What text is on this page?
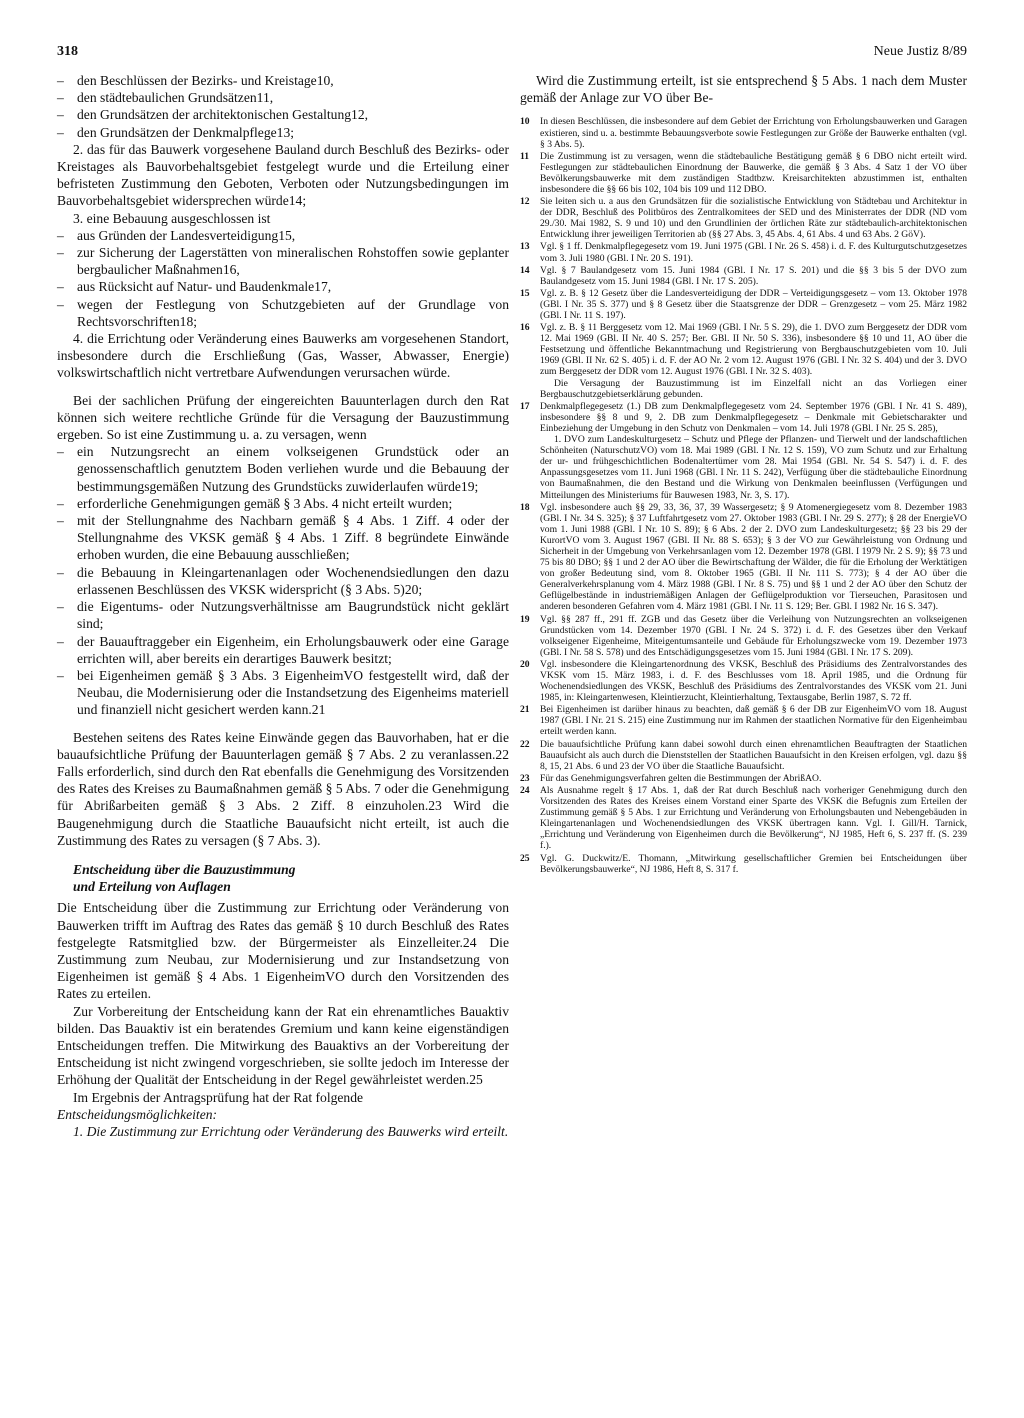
318	Neue Justiz 8/89

– den Beschlüssen der Bezirks- und Kreistage10,

– den städtebaulichen Grundsätzen11,

– den Grundsätzen der architektonischen Gestaltung12,

– den Grundsätzen der Denkmalpflege13;

2. das für das Bauwerk vorgesehene Bauland durch Beschluß des Bezirks- oder Kreistages als Bauvorbehaltsgebiet festgelegt wurde und die Erteilung einer befristeten Zustimmung den Geboten, Verboten oder Nutzungsbedingungen im Bauvorbehaltsgebiet widersprechen würde14;

3. eine Bebauung ausgeschlossen ist

– aus Gründen der Landesverteidigung15,

– zur Sicherung der Lagerstätten von mineralischen Rohstoffen sowie geplanter bergbaulicher Maßnahmen16,

– aus Rücksicht auf Natur- und Baudenkmale17,

– wegen der Festlegung von Schutzgebieten auf der Grundlage von Rechtsvorschriften18;

4. die Errichtung oder Veränderung eines Bauwerks am vorgesehenen Standort, insbesondere durch die Erschließung (Gas, Wasser, Abwasser, Energie) volkswirtschaftlich nicht vertretbare Aufwendungen verursachen würde.

Bei der sachlichen Prüfung der eingereichten Bauunterlagen durch den Rat können sich weitere rechtliche Gründe für die Versagung der Bauzustimmung ergeben. So ist eine Zustimmung u. a. zu versagen, wenn

– ein Nutzungsrecht an einem volkseigenen Grundstück oder an genossenschaftlich genutztem Boden verliehen wurde und die Bebauung der bestimmungsgemäßen Nutzung des Grundstücks zuwiderlaufen würde19;

– erforderliche Genehmigungen gemäß § 3 Abs. 4 nicht erteilt wurden;

– mit der Stellungnahme des Nachbarn gemäß § 4 Abs. 1 Ziff. 4 oder der Stellungnahme des VKSK gemäß § 4 Abs. 1 Ziff. 8 begründete Einwände erhoben wurden, die eine Bebauung ausschließen;

– die Bebauung in Kleingartenanlagen oder Wochenendsiedlungen den dazu erlassenen Beschlüssen des VKSK widerspricht (§ 3 Abs. 5)20;

– die Eigentums- oder Nutzungsverhältnisse am Baugrundstück nicht geklärt sind;

– der Bauauftraggeber ein Eigenheim, ein Erholungsbauwerk oder eine Garage errichten will, aber bereits ein derartiges Bauwerk besitzt;

– bei Eigenheimen gemäß § 3 Abs. 3 EigenheimVO festgestellt wird, daß der Neubau, die Modernisierung oder die Instandsetzung des Eigenheims materiell und finanziell nicht gesichert werden kann.21

Bestehen seitens des Rates keine Einwände gegen das Bauvorhaben, hat er die bauaufsichtliche Prüfung der Bauunterlagen gemäß § 7 Abs. 2 zu veranlassen.22 Falls erforderlich, sind durch den Rat ebenfalls die Genehmigung des Vorsitzenden des Rates des Kreises zu Baumaßnahmen gemäß § 5 Abs. 7 oder die Genehmigung für Abrißarbeiten gemäß § 3 Abs. 2 Ziff. 8 einzuholen.23 Wird die Baugenehmigung durch die Staatliche Bauaufsicht nicht erteilt, ist auch die Zustimmung des Rates zu versagen (§ 7 Abs. 3).

Entscheidung über die Bauzustimmung
und Erteilung von Auflagen

Die Entscheidung über die Zustimmung zur Errichtung oder Veränderung von Bauwerken trifft im Auftrag des Rates das gemäß § 10 durch Beschluß des Rates festgelegte Ratsmitglied bzw. der Bürgermeister als Einzelleiter.24 Die Zustimmung zum Neubau, zur Modernisierung und zur Instandsetzung von Eigenheimen ist gemäß § 4 Abs. 1 EigenheimVO durch den Vorsitzenden des Rates zu erteilen.

Zur Vorbereitung der Entscheidung kann der Rat ein ehrenamtliches Bauaktiv bilden. Das Bauaktiv ist ein beratendes Gremium und kann keine eigenständigen Entscheidungen treffen. Die Mitwirkung des Bauaktivs an der Vorbereitung der Entscheidung ist nicht zwingend vorgeschrieben, sie sollte jedoch im Interesse der Erhöhung der Qualität der Entscheidung in der Regel gewährleistet werden.25

Im Ergebnis der Antragsprüfung hat der Rat folgende
Entscheidungsmöglichkeiten:

1. Die Zustimmung zur Errichtung oder Veränderung des Bauwerks wird erteilt.

Wird die Zustimmung erteilt, ist sie entsprechend § 5 Abs. 1 nach dem Muster gemäß der Anlage zur VO über Be-

10 In diesen Beschlüssen, die insbesondere auf dem Gebiet der Errichtung von Erholungsbauwerken und Garagen existieren, sind u. a. bestimmte Bebauungsverbote sowie Festlegungen zur Größe der Bauwerke enthalten (vgl. § 3 Abs. 5).
11 Die Zustimmung ist zu versagen, wenn die städtebauliche Bestätigung gemäß § 6 DBO nicht erteilt wird. Festlegungen zur städtebaulichen Einordnung der Bauwerke, die gemäß § 3 Abs. 4 Satz 1 der VO über Bevölkerungsbauwerke mit dem zuständigen Stadtbzw. Kreisarchitekten abzustimmen ist, enthalten insbesondere die §§ 66 bis 102, 104 bis 109 und 112 DBO.
12 Sie leiten sich u. a aus den Grundsätzen für die sozialistische Entwicklung von Städtebau und Architektur in der DDR, Beschluß des Politbüros des Zentralkomitees der SED und des Ministerrates der DDR (ND vom 29./30. Mai 1982, S. 9 und 10) und den Grundlinien der örtlichen Räte zur städtebaulich-architektonischen Entwicklung ihrer jeweiligen Territorien ab (§§ 27 Abs. 3, 45 Abs. 4, 61 Abs. 4 und 63 Abs. 2 GöV).
13 Vgl. § 1 ff. Denkmalpflegegesetz vom 19. Juni 1975 (GBl. I Nr. 26 S. 458) i. d. F. des Kulturgutschutzgesetzes vom 3. Juli 1980 (GBl. I Nr. 20 S. 191).
14 Vgl. § 7 Baulandgesetz vom 15. Juni 1984 (GBl. I Nr. 17 S. 201) und die §§ 3 bis 5 der DVO zum Baulandgesetz vom 15. Juni 1984 (GBl. I Nr. 17 S. 205).
15 Vgl. z. B. § 12 Gesetz über die Landesverteidigung der DDR – Verteidigungsgesetz – vom 13. Oktober 1978 (GBl. I Nr. 35 S. 377) und § 8 Gesetz über die Staatsgrenze der DDR – Grenzgesetz – vom 25. März 1982 (GBl. I Nr. 11 S. 197).
16 Vgl. z. B. § 11 Berggesetz vom 12. Mai 1969 (GBl. I Nr. 5 S. 29), die 1. DVO zum Berggesetz der DDR vom 12. Mai 1969 (GBl. II Nr. 40 S. 257; Ber. GBl. II Nr. 50 S. 336), insbesondere §§ 10 und 11, AO über die Festsetzung und öffentliche Bekanntmachung und Registrierung von Bergbauschutzgebieten vom 10. Juli 1969 (GBl. II Nr. 62 S. 405) i. d. F. der AO Nr. 2 vom 12. August 1976 (GBl. I Nr. 32 S. 404) und der 3. DVO zum Berggesetz der DDR vom 12. August 1976 (GBl. I Nr. 32 S. 403).
Die Versagung der Bauzustimmung ist im Einzelfall nicht an das Vorliegen einer Bergbauschutzgebietserklärung gebunden.
17 Denkmalpflegegesetz (1.) DB zum Denkmalpflegegesetz vom 24. September 1976 (GBl. I Nr. 41 S. 489), insbesondere §§ 8 und 9, 2. DB zum Denkmalpflegegesetz – Denkmale mit Gebietscharakter und Einbeziehung der Umgebung in den Schutz von Denkmalen – vom 14. Juli 1978 (GBl. I Nr. 25 S. 285),
1. DVO zum Landeskulturgesetz – Schutz und Pflege der Pflanzen- und Tierwelt und der landschaftlichen Schönheiten (NaturschutzVO) vom 18. Mai 1989 (GBl. I Nr. 12 S. 159), VO zum Schutz und zur Erhaltung der ur- und frühgeschichtlichen Bodenaltertümer vom 28. Mai 1954 (GBl. Nr. 54 S. 547) i. d. F. des Anpassungsgesetzes vom 11. Juni 1968 (GBl. I Nr. 11 S. 242), Verfügung über die städtebauliche Einordnung von Baumaßnahmen, die den Bestand und die Wirkung von Denkmalen beeinflussen (Verfügungen und Mitteilungen des Ministeriums für Bauwesen 1983, Nr. 3, S. 17).
18 Vgl. insbesondere auch §§ 29, 33, 36, 37, 39 Wassergesetz; § 9 Atomenergiegesetz vom 8. Dezember 1983 (GBl. I Nr. 34 S. 325); § 37 Luftfahrtgesetz vom 27. Oktober 1983 (GBl. I Nr. 29 S. 277); § 28 der EnergieVO vom 1. Juni 1988 (GBl. I Nr. 10 S. 89); § 6 Abs. 2 der 2. DVO zum Landeskulturgesetz; §§ 23 bis 29 der KurortVO vom 3. August 1967 (GBl. II Nr. 88 S. 653); § 3 der VO zur Gewährleistung von Ordnung und Sicherheit in der Umgebung von Verkehrsanlagen vom 12. Dezember 1978 (GBl. I 1979 Nr. 2 S. 9); §§ 73 und 75 bis 80 DBO; §§ 1 und 2 der AO über die Bewirtschaftung der Wälder, die für die Erholung der Werktätigen von großer Bedeutung sind, vom 8. Oktober 1965 (GBl. II Nr. 111 S. 773); § 4 der AO über die Generalverkehrsplanung vom 4. März 1988 (GBl. I Nr. 8 S. 75) und §§ 1 und 2 der AO über den Schutz der Geflügelbestände in industriemäßigen Anlagen der Geflügelproduktion vor Tierseuchen, Parasitosen und anderen besonderen Gefahren vom 4. März 1981 (GBl. I Nr. 11 S. 129; Ber. GBl. I 1982 Nr. 16 S. 347).
19 Vgl. §§ 287 ff., 291 ff. ZGB und das Gesetz über die Verleihung von Nutzungsrechten an volkseigenen Grundstücken vom 14. Dezember 1970 (GBl. I Nr. 24 S. 372) i. d. F. des Gesetzes über den Verkauf volkseigener Eigenheime, Miteigentumsanteile und Gebäude für Erholungszwecke vom 19. Dezember 1973 (GBl. I Nr. 58 S. 578) und des Entschädigungsgesetzes vom 15. Juni 1984 (GBl. I Nr. 17 S. 209).
20 Vgl. insbesondere die Kleingartenordnung des VKSK, Beschluß des Präsidiums des Zentralvorstandes des VKSK vom 15. März 1983, i. d. F. des Beschlusses vom 18. April 1985, und die Ordnung für Wochenendsiedlungen des VKSK, Beschluß des Präsidiums des Zentralvorstandes des VKSK vom 21. Juni 1985, in: Kleingartenwesen, Kleintierzucht, Kleintierhaltung, Textausgabe, Berlin 1987, S. 72 ff.
21 Bei Eigenheimen ist darüber hinaus zu beachten, daß gemäß § 6 der DB zur EigenheimVO vom 18. August 1987 (GBl. I Nr. 21 S. 215) eine Zustimmung nur im Rahmen der staatlichen Normative für den Eigenheimbau erteilt werden kann.
22 Die bauaufsichtliche Prüfung kann dabei sowohl durch einen ehrenamtlichen Beauftragten der Staatlichen Bauaufsicht als auch durch die Dienststellen der Staatlichen Bauaufsicht in den Kreisen erfolgen, vgl. dazu §§ 8, 15, 21 Abs. 6 und 23 der VO über die Staatliche Bauaufsicht.
23 Für das Genehmigungsverfahren gelten die Bestimmungen der AbrißAO.
24 Als Ausnahme regelt § 17 Abs. 1, daß der Rat durch Beschluß nach vorheriger Genehmigung durch den Vorsitzenden des Rates des Kreises einem Vorstand einer Sparte des VKSK die Befugnis zum Erteilen der Zustimmung gemäß § 5 Abs. 1 zur Errichtung und Veränderung von Erholungsbauten und Nebengebäuden in Kleingartenanlagen und Wochenendsiedlungen des VKSK übertragen kann. Vgl. I. Gill/H. Tarnick, „Errichtung und Veränderung von Eigenheimen durch die Bevölkerung“, NJ 1985, Heft 6, S. 237 ff. (S. 239 f.).
25 Vgl. G. Duckwitz/E. Thomann, „Mitwirkung gesellschaftlicher Gremien bei Entscheidungen über Bevölkerungsbauwerke“, NJ 1986, Heft 8, S. 317 f.
